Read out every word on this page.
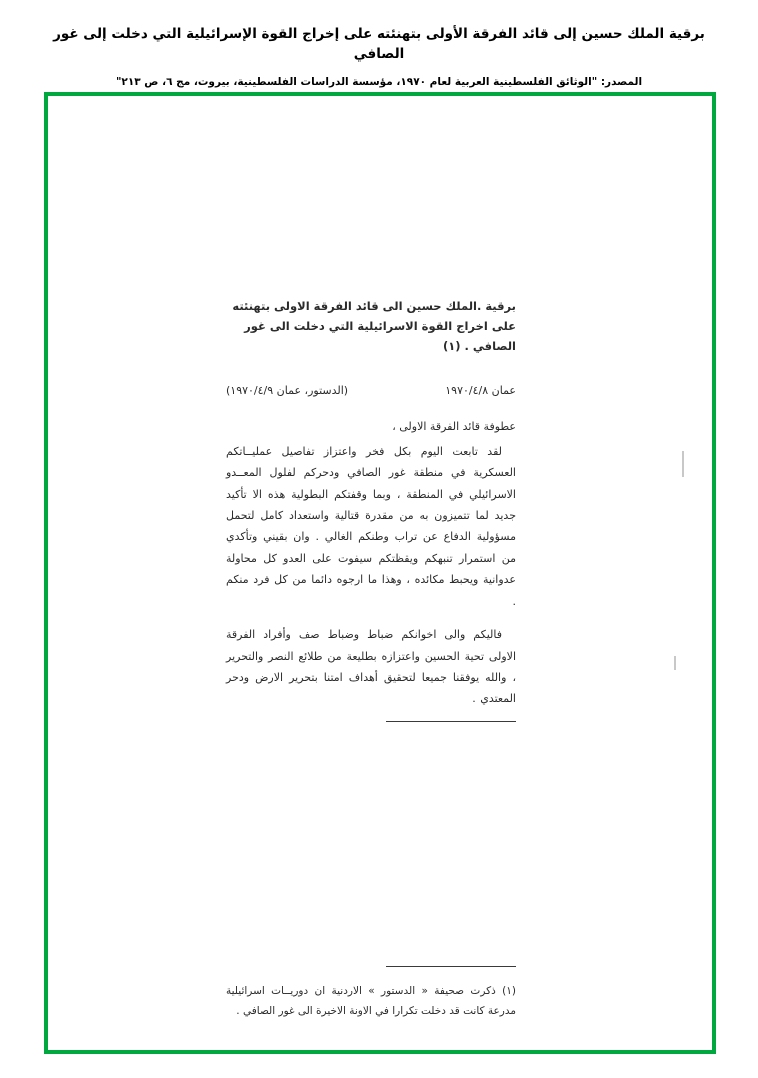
برقية الملك حسين إلى قائد الفرقة الأولى بتهنئته على إخراج القوة الإسرائيلية التي دخلت إلى غور الصافي
المصدر: "الوثائق الفلسطينية العربية لعام ١٩٧٠، مؤسسة الدراسات الفلسطينية، بيروت، مج ٦، ص ٢١٣"
برقية .الملك حسين الى قائد الفرقة الاولى بتهنئته على اخراج القوة الاسرائيلية التي دخلت الى غور الصافي . (١)
عمان ١٩٧٠/٤/٨
(الدستور، عمان ١٩٧٠/٤/٩)
عطوفة قائد الفرقة الاولى ،

لقد تابعت اليوم بكل فخر واعتزاز تفاصيل عمليــاتكم العسكرية في منطقة غور الصافي ودحركم لفلول المعــدو الاسرائيلي في المنطقة ، وبما وقفتكم البطولية هذه الا تأكيد جديد لما تتميزون به من مقدرة قتالية واستعداد كامل لتحمل مسؤولية الدفاع عن تراب وطنكم الغالي . وان بقيني وتأكدي من استمرار تنبهكم ويقظتكم سيفوت على العدو كل محاولة عدوانية ويحبط مكائده ، وهذا ما ارجوه دائما من كل فرد منكم .

فاليكم والى اخوانكم ضباط وضباط صف وأفراد الفرقة الاولى تحية الحسين واعتزازه بطليعة من طلائع النصر والتحرير ، والله يوفقنا جميعا لتحقيق أهداف امتنا بتحرير الارض ودحر المعتدي .

(١) ذكرت صحيفة « الدستور » الاردنية ان دوريــات اسرائيلية مدرعة كانت قد دخلت تكرارا في الاونة الاخيرة الى غور الصافي .
